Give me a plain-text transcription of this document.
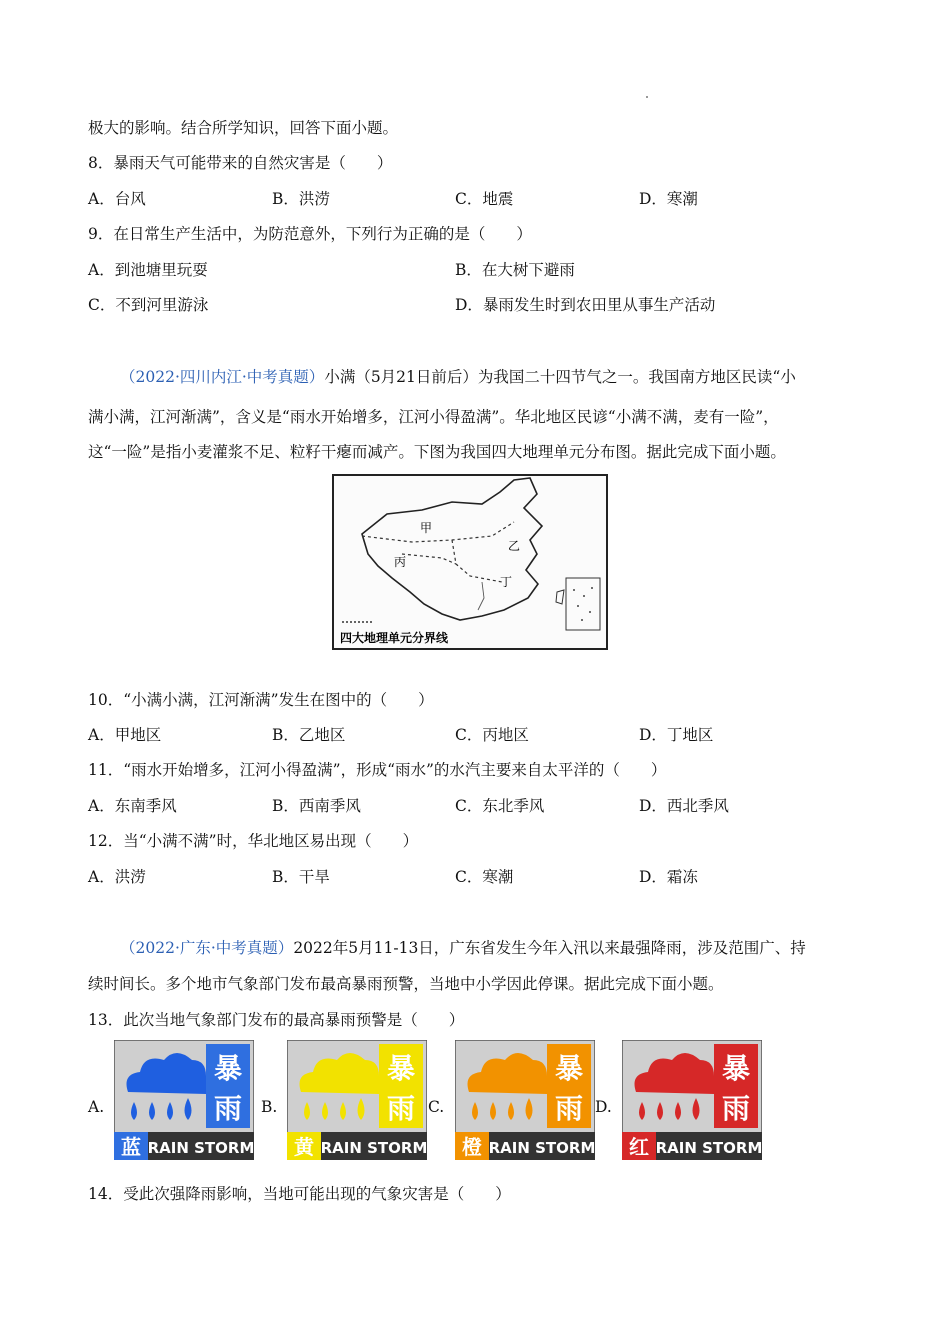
极大的影响。结合所学知识，回答下面小题。
8．暴雨天气可能带来的自然灾害是（　　）
A．台风	B．洪涝	C．地震	D．寒潮
9．在日常生产生活中，为防范意外，下列行为正确的是（　　）
A．到池塘里玩耍	B．在大树下避雨
C．不到河里游泳	D．暴雨发生时到农田里从事生产活动
（2022·四川内江·中考真题）小满（5月21日前后）为我国二十四节气之一。我国南方地区民读“小
满小满，江河渐满”，含义是“雨水开始增多，江河小得盈满”。华北地区民谚“小满不满，麦有一险”，
这“一险”是指小麦灌浆不足、粒籽干瘪而减产。下图为我国四大地理单元分布图。据此完成下面小题。
甲
乙
丙
丁
四大地理单元分界线
10．“小满小满，江河渐满”发生在图中的（　　）
A．甲地区	B．乙地区	C．丙地区	D．丁地区
11．“雨水开始增多，江河小得盈满”，形成“雨水”的水汽主要来自太平洋的（　　）
A．东南季风	B．西南季风	C．东北季风	D．西北季风
12．当“小满不满”时，华北地区易出现（　　）
A．洪涝	B．干旱	C．寒潮	D．霜冻
（2022·广东·中考真题）2022年5月11-13日，广东省发生今年入汛以来最强降雨，涉及范围广、持
续时间长。多个地市气象部门发布最高暴雨预警，当地中小学因此停课。据此完成下面小题。
13．此次当地气象部门发布的最高暴雨预警是（　　）
A.
暴
雨
蓝 RAIN STORM
B.
暴
雨
黄 RAIN STORM
C.
暴
雨
橙 RAIN STORM
D.
暴
雨
红 RAIN STORM
14．受此次强降雨影响，当地可能出现的气象灾害是（　　）
